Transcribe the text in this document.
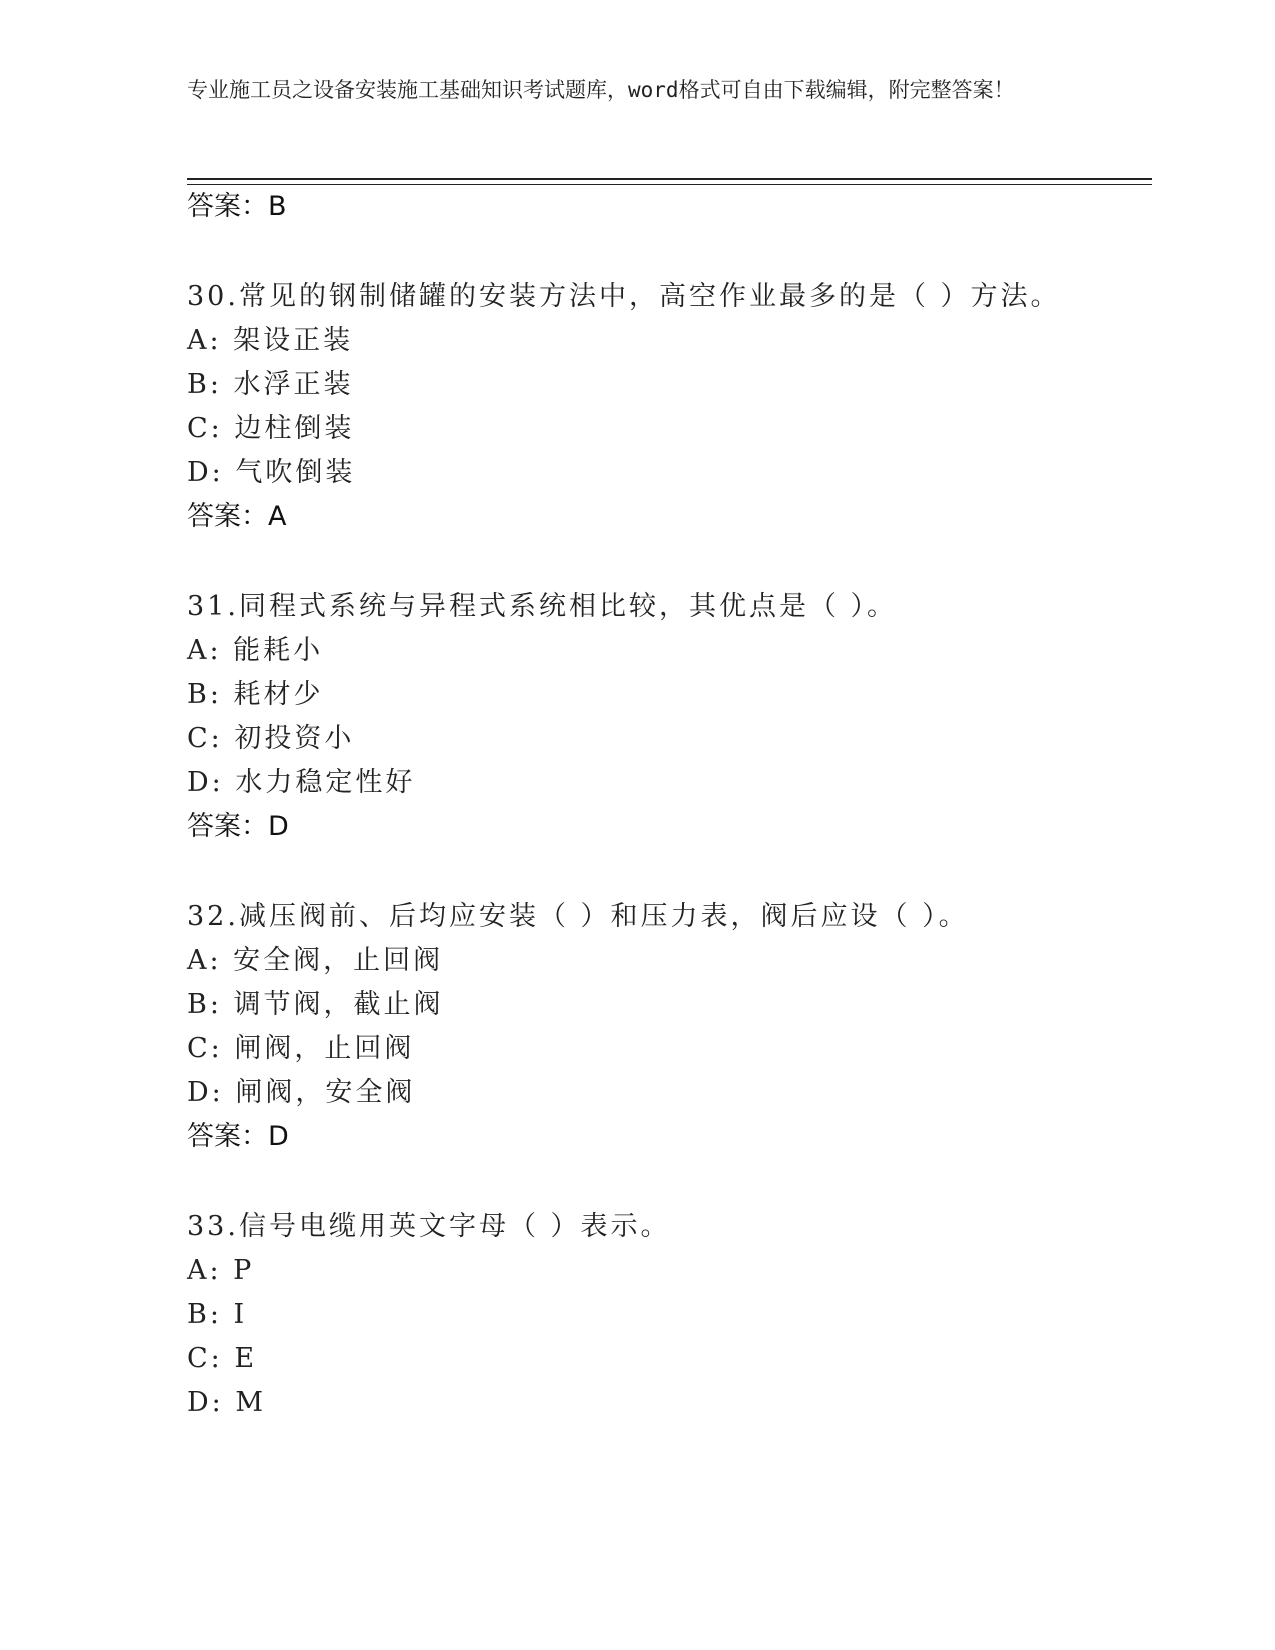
专业施工员之设备安装施工基础知识考试题库，word格式可自由下载编辑，附完整答案！
答案：B
30.常见的钢制储罐的安装方法中，高空作业最多的是（ ）方法。
A: 架设正装
B: 水浮正装
C: 边柱倒装
D: 气吹倒装
答案：A
31.同程式系统与异程式系统相比较，其优点是（ ）。
A: 能耗小
B: 耗材少
C: 初投资小
D: 水力稳定性好
答案：D
32.减压阀前、后均应安装（ ）和压力表，阀后应设（ ）。
A: 安全阀，止回阀
B: 调节阀，截止阀
C: 闸阀，止回阀
D: 闸阀，安全阀
答案：D
33.信号电缆用英文字母（ ）表示。
A: P
B: I
C: E
D: M
